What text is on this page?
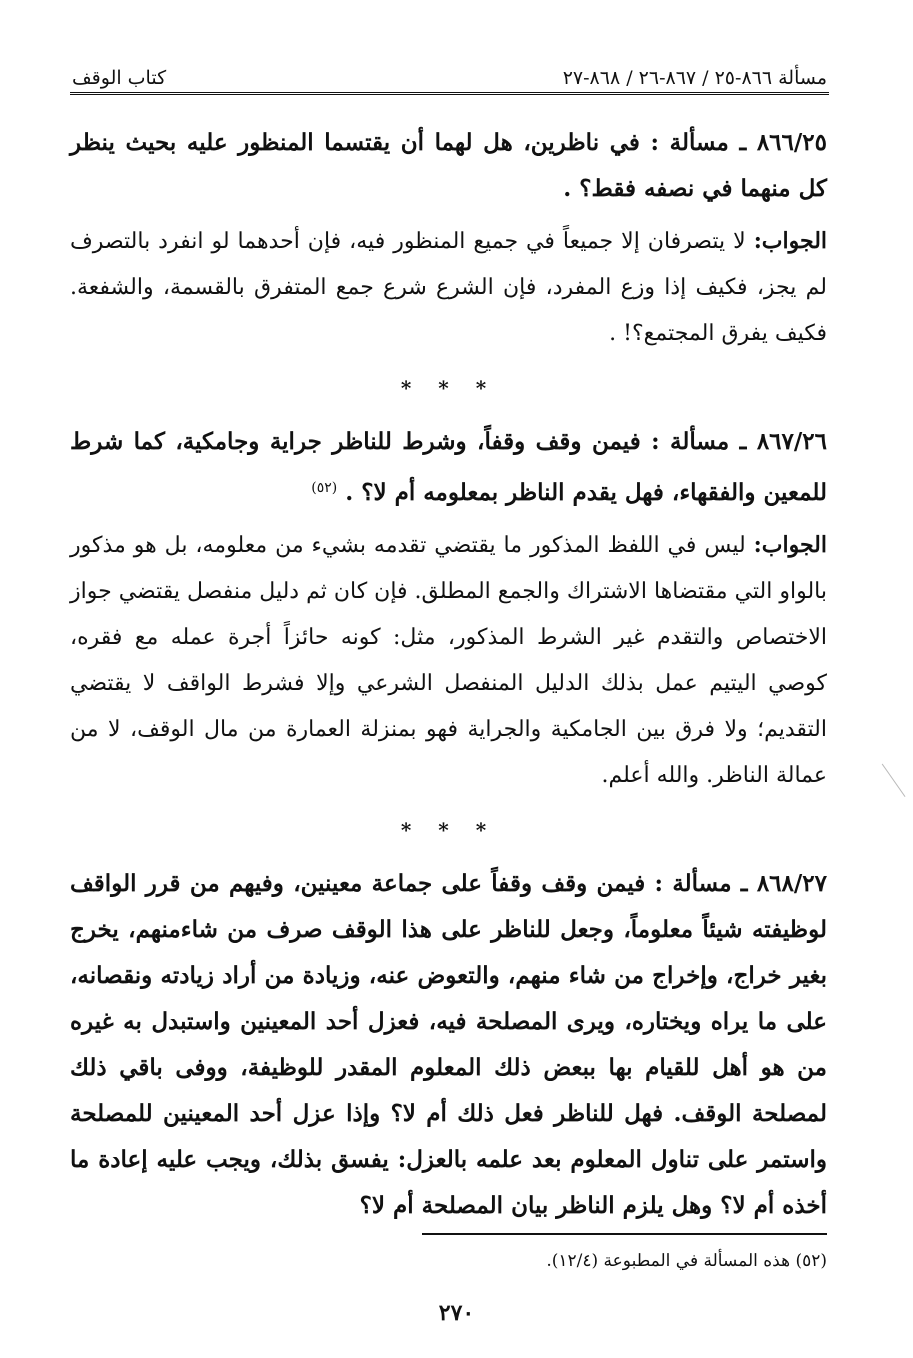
مسألة ٨٦٦-٢٥ / ٨٦٧-٢٦ / ٨٦٨-٢٧
كتاب الوقف

٨٦٦/٢٥ ـ مسألة : في ناظرين، هل لهما أن يقتسما المنظور عليه بحيث ينظر كل منهما في نصفه فقط؟ .

الجواب: لا يتصرفان إلا جميعاً في جميع المنظور فيه، فإن أحدهما لو انفرد بالتصرف لم يجز، فكيف إذا وزع المفرد، فإن الشرع شرع جمع المتفرق بالقسمة، والشفعة. فكيف يفرق المجتمع؟! .

* * *

٨٦٧/٢٦ ـ مسألة : فيمن وقف وقفاً، وشرط للناظر جراية وجامكية، كما شرط للمعين والفقهاء، فهل يقدم الناظر بمعلومه أم لا؟ . $^{(٥٢)}$

الجواب: ليس في اللفظ المذكور ما يقتضي تقدمه بشيء من معلومه، بل هو مذكور بالواو التي مقتضاها الاشتراك والجمع المطلق. فإن كان ثم دليل منفصل يقتضي جواز الاختصاص والتقدم غير الشرط المذكور، مثل: كونه حائزاً أجرة عمله مع فقره، كوصي اليتيم عمل بذلك الدليل المنفصل الشرعي وإلا فشرط الواقف لا يقتضي التقديم؛ ولا فرق بين الجامكية والجراية فهو بمنزلة العمارة من مال الوقف، لا من عمالة الناظر. والله أعلم.

* * *

٨٦٨/٢٧ ـ مسألة : فيمن وقف وقفاً على جماعة معينين، وفيهم من قرر الواقف لوظيفته شيئاً معلوماً، وجعل للناظر على هذا الوقف صرف من شاءمنهم، يخرج بغير خراج، وإخراج من شاء منهم، والتعوض عنه، وزيادة من أراد زيادته ونقصانه، على ما يراه ويختاره، ويرى المصلحة فيه، فعزل أحد المعينين واستبدل به غيره من هو أهل للقيام بها ببعض ذلك المعلوم المقدر للوظيفة، ووفى باقي ذلك لمصلحة الوقف. فهل للناظر فعل ذلك أم لا؟ وإذا عزل أحد المعينين للمصلحة واستمر على تناول المعلوم بعد علمه بالعزل: يفسق بذلك، ويجب عليه إعادة ما أخذه أم لا؟ وهل يلزم الناظر بيان المصلحة أم لا؟

(٥٢) هذه المسألة في المطبوعة (١٢/٤).
٢٧٠
